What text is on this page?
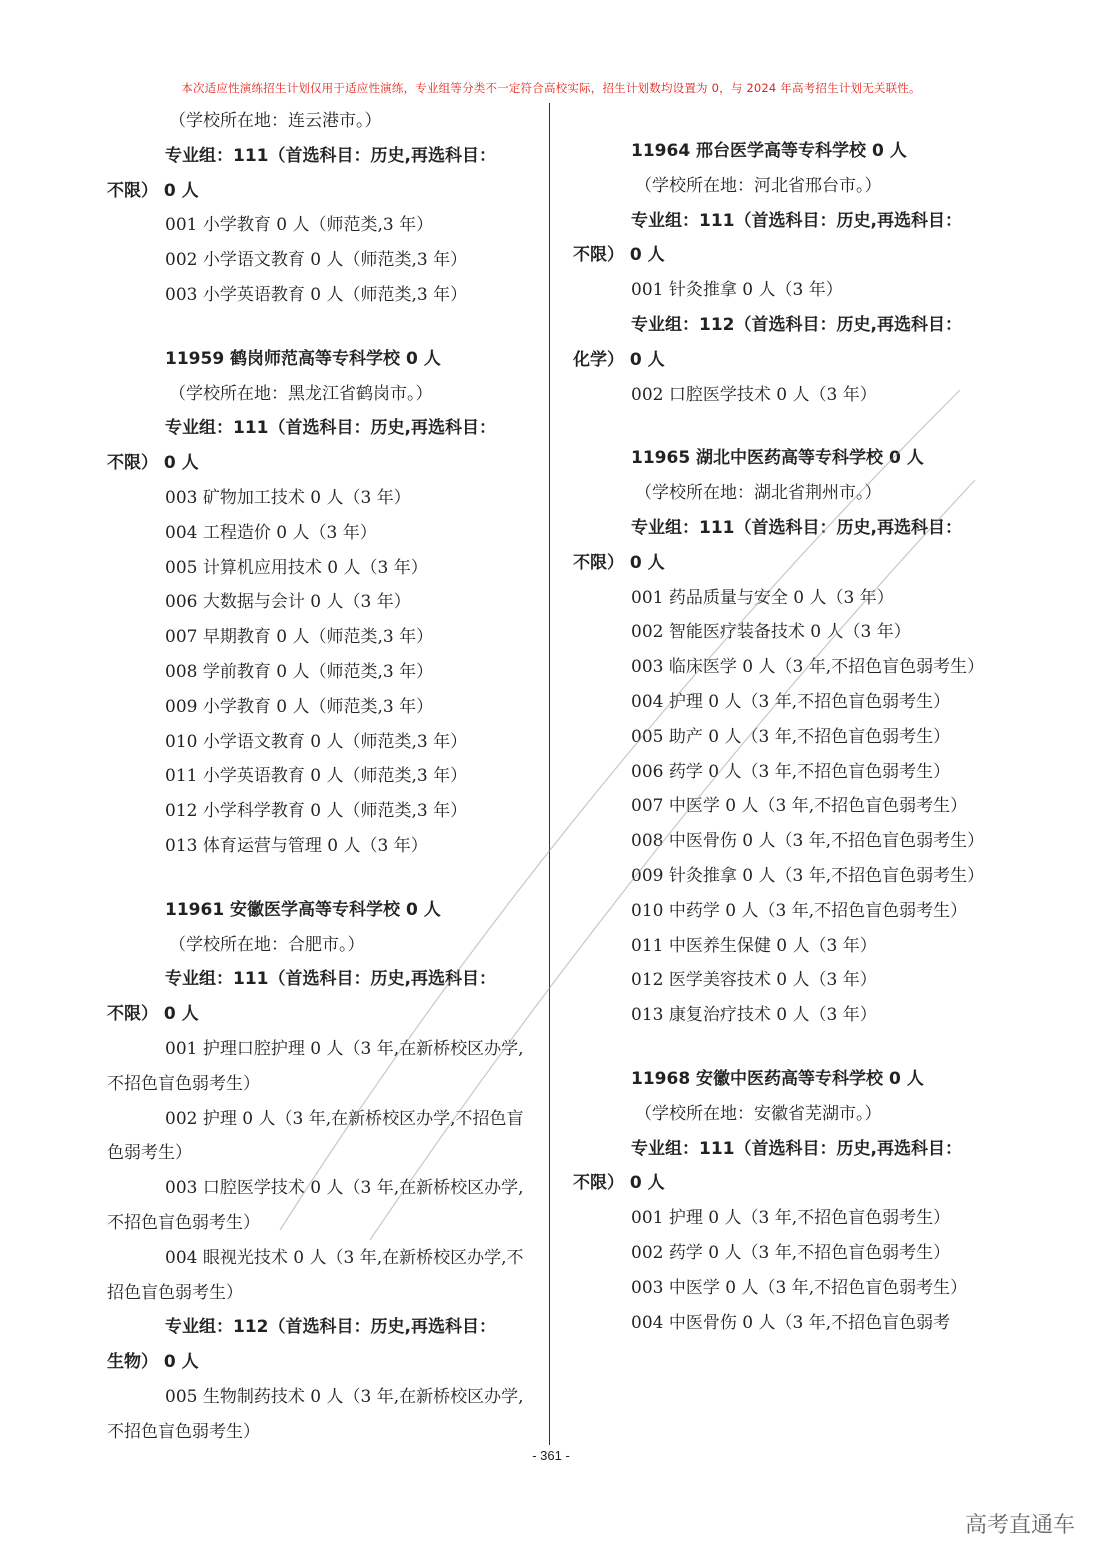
本次适应性演练招生计划仅用于适应性演练，专业组等分类不一定符合高校实际，招生计划数均设置为 0，与 2024 年高考招生计划无关联性。

（学校所在地：连云港市。）

专业组：111（首选科目：历史,再选科目：

不限） 0 人

001 小学教育 0 人（师范类,3 年）

002 小学语文教育 0 人（师范类,3 年）

003 小学英语教育 0 人（师范类,3 年）

11959 鹤岗师范高等专科学校 0 人

（学校所在地：黑龙江省鹤岗市。）

专业组：111（首选科目：历史,再选科目：

不限） 0 人

003 矿物加工技术 0 人（3 年）

004 工程造价 0 人（3 年）

005 计算机应用技术 0 人（3 年）

006 大数据与会计 0 人（3 年）

007 早期教育 0 人（师范类,3 年）

008 学前教育 0 人（师范类,3 年）

009 小学教育 0 人（师范类,3 年）

010 小学语文教育 0 人（师范类,3 年）

011 小学英语教育 0 人（师范类,3 年）

012 小学科学教育 0 人（师范类,3 年）

013 体育运营与管理 0 人（3 年）

11961 安徽医学高等专科学校 0 人

（学校所在地：合肥市。）

专业组：111（首选科目：历史,再选科目：

不限） 0 人

001 护理口腔护理 0 人（3 年,在新桥校区办学,不招色盲色弱考生）

002 护理 0 人（3 年,在新桥校区办学,不招色盲色弱考生）

003 口腔医学技术 0 人（3 年,在新桥校区办学,不招色盲色弱考生）

004 眼视光技术 0 人（3 年,在新桥校区办学,不招色盲色弱考生）

专业组：112（首选科目：历史,再选科目：

生物） 0 人

005 生物制药技术 0 人（3 年,在新桥校区办学,不招色盲色弱考生）

11964 邢台医学高等专科学校 0 人

（学校所在地：河北省邢台市。）

专业组：111（首选科目：历史,再选科目：

不限） 0 人

001 针灸推拿 0 人（3 年）

专业组：112（首选科目：历史,再选科目：

化学） 0 人

002 口腔医学技术 0 人（3 年）

11965 湖北中医药高等专科学校 0 人

（学校所在地：湖北省荆州市。）

专业组：111（首选科目：历史,再选科目：

不限） 0 人

001 药品质量与安全 0 人（3 年）

002 智能医疗装备技术 0 人（3 年）

003 临床医学 0 人（3 年,不招色盲色弱考生）

004 护理 0 人（3 年,不招色盲色弱考生）

005 助产 0 人（3 年,不招色盲色弱考生）

006 药学 0 人（3 年,不招色盲色弱考生）

007 中医学 0 人（3 年,不招色盲色弱考生）

008 中医骨伤 0 人（3 年,不招色盲色弱考生）

009 针灸推拿 0 人（3 年,不招色盲色弱考生）

010 中药学 0 人（3 年,不招色盲色弱考生）

011 中医养生保健 0 人（3 年）

012 医学美容技术 0 人（3 年）

013 康复治疗技术 0 人（3 年）

11968 安徽中医药高等专科学校 0 人

（学校所在地：安徽省芜湖市。）

专业组：111（首选科目：历史,再选科目：

不限） 0 人

001 护理 0 人（3 年,不招色盲色弱考生）

002 药学 0 人（3 年,不招色盲色弱考生）

003 中医学 0 人（3 年,不招色盲色弱考生）

004 中医骨伤 0 人（3 年,不招色盲色弱考

- 361 -
高考直通车
